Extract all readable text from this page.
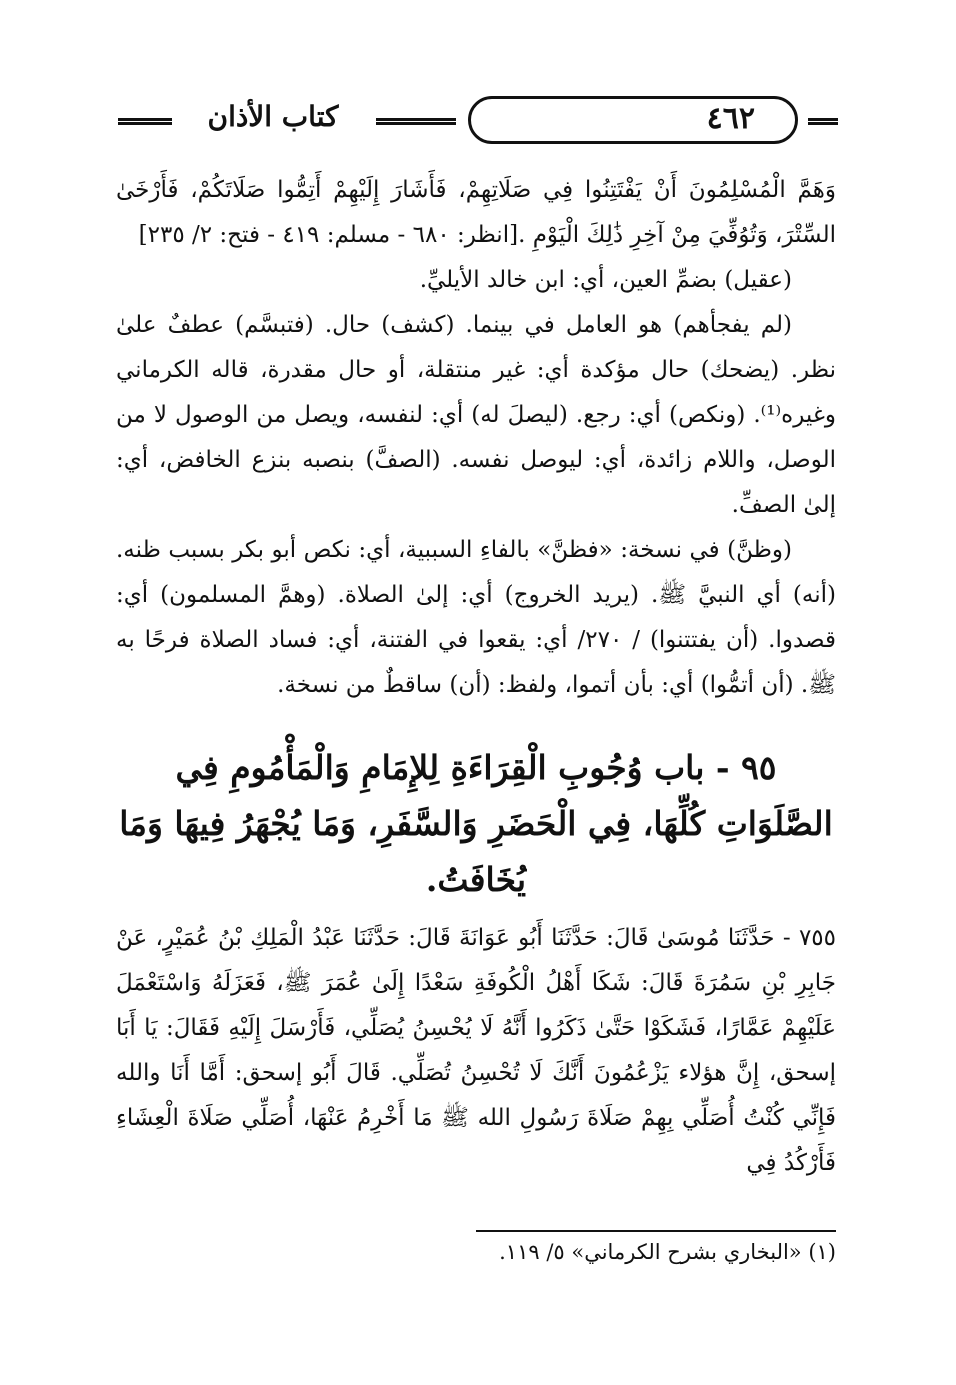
كتاب الأذان	٤٦٢

وَهَمَّ الْمُسْلِمُونَ أَنْ يَفْتَتِنُوا فِي صَلَاتِهِمْ، فَأَشَارَ إِلَيْهِمْ أَتِمُّوا صَلَاتَكُمْ، فَأَرْخَىٰ السِّتْرَ، وَتُوُفِّيَ مِنْ آخِرِ ذَٰلِكَ الْيَوْمِ .[انظر: ٦٨٠ - مسلم: ٤١٩ - فتح: ٢/ ٢٣٥]

(عقيل) بضمِّ العين، أي: ابن خالد الأيليِّ.

(لم يفجأهم) هو العامل في بينما. (كشف) حال. (فتبسَّم) عطفٌ علىٰ نظر. (يضحك) حال مؤكدة أي: غير منتقلة، أو حال مقدرة، قاله الكرماني وغيره⁽¹⁾. (ونكص) أي: رجع. (ليصلَ له) أي: لنفسه، ويصل من الوصول لا من الوصل، واللام زائدة، أي: ليوصل نفسه. (الصفَّ) بنصبه بنزع الخافض، أي: إلىٰ الصفِّ.

(وظنَّ) في نسخة: «فظنَّ» بالفاءِ السببية، أي: نكص أبو بكر بسبب ظنه. (أنه) أي النبيَّ ﷺ. (يريد الخروج) أي: إلىٰ الصلاة. (وهمَّ المسلمون) أي: قصدوا. (أن يفتتنوا) / ٢٧٠/ أي: يقعوا في الفتنة، أي: فساد الصلاة فرحًا به ﷺ. (أن أتمُّوا) أي: بأن أتموا، ولفظ: (أن) ساقطٌ من نسخة.

٩٥ - باب وُجُوبِ الْقِرَاءَةِ لِلإِمَامِ وَالْمَأْمُومِ فِي الصَّلَوَاتِ كُلِّهَا، فِي الْحَضَرِ وَالسَّفَرِ، وَمَا يُجْهَرُ فِيهَا وَمَا يُخَافَتُ.

٧٥٥ - حَدَّثَنَا مُوسَىٰ قَالَ: حَدَّثَنَا أَبُو عَوَانَةَ قَالَ: حَدَّثَنَا عَبْدُ الْمَلِكِ بْنُ عُمَيْرٍ، عَنْ جَابِرِ بْنِ سَمُرَةَ قَالَ: شَكَا أَهْلُ الْكُوفَةِ سَعْدًا إِلَىٰ عُمَرَ ﷺ، فَعَزَلَهُ وَاسْتَعْمَلَ عَلَيْهِمْ عَمَّارًا، فَشَكَوْا حَتَّىٰ ذَكَرُوا أَنَّهُ لَا يُحْسِنُ يُصَلِّي، فَأَرْسَلَ إِلَيْهِ فَقَالَ: يَا أَبَا إسحق، إِنَّ هؤلاء يَزْعُمُونَ أَنَّكَ لَا تُحْسِنُ تُصَلِّي. قَالَ أَبُو إسحق: أَمَّا أَنَا والله فَإِنِّي كُنْتُ أُصَلِّي بِهِمْ صَلَاةَ رَسُولِ الله ﷺ مَا أَخْرِمُ عَنْهَا، أُصَلِّي صَلَاةَ الْعِشَاءِ فَأَرْكُدُ فِي

(١) «البخاري بشرح الكرماني» ٥/ ١١٩.
